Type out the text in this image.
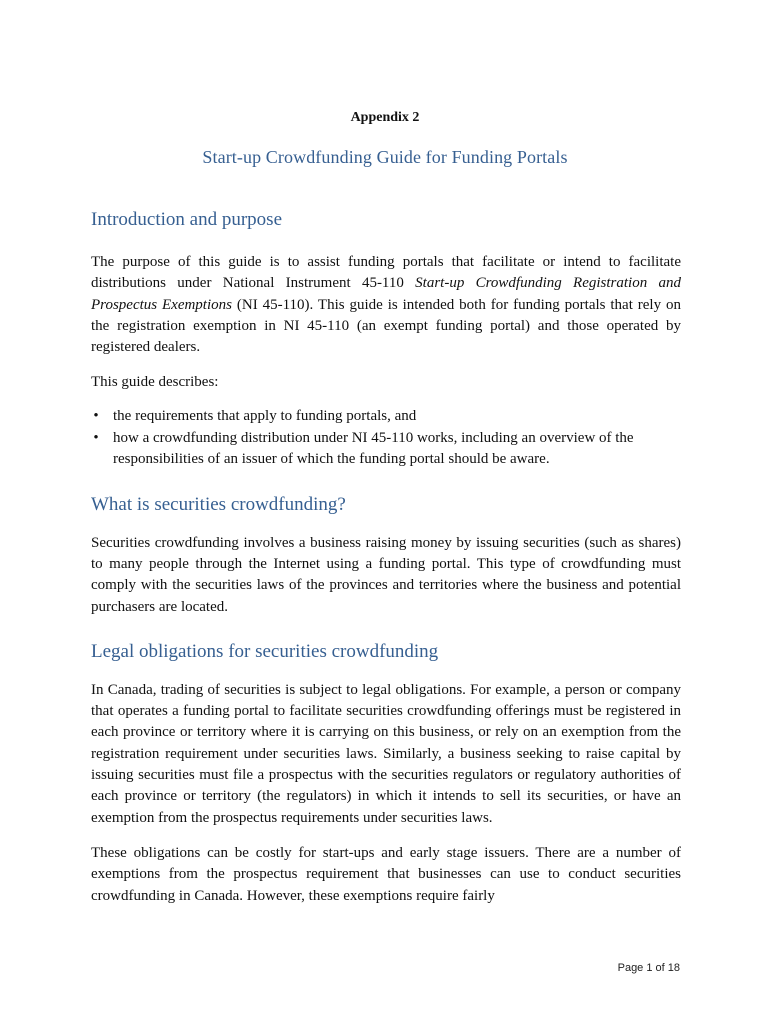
Appendix 2
Start-up Crowdfunding Guide for Funding Portals
Introduction and purpose

The purpose of this guide is to assist funding portals that facilitate or intend to facilitate distributions under National Instrument 45-110 Start-up Crowdfunding Registration and Prospectus Exemptions (NI 45-110). This guide is intended both for funding portals that rely on the registration exemption in NI 45-110 (an exempt funding portal) and those operated by registered dealers.

This guide describes:

• the requirements that apply to funding portals, and
• how a crowdfunding distribution under NI 45-110 works, including an overview of the responsibilities of an issuer of which the funding portal should be aware.
What is securities crowdfunding?

Securities crowdfunding involves a business raising money by issuing securities (such as shares) to many people through the Internet using a funding portal. This type of crowdfunding must comply with the securities laws of the provinces and territories where the business and potential purchasers are located.

Legal obligations for securities crowdfunding

In Canada, trading of securities is subject to legal obligations. For example, a person or company that operates a funding portal to facilitate securities crowdfunding offerings must be registered in each province or territory where it is carrying on this business, or rely on an exemption from the registration requirement under securities laws. Similarly, a business seeking to raise capital by issuing securities must file a prospectus with the securities regulators or regulatory authorities of each province or territory (the regulators) in which it intends to sell its securities, or have an exemption from the prospectus requirements under securities laws.

These obligations can be costly for start-ups and early stage issuers. There are a number of exemptions from the prospectus requirement that businesses can use to conduct securities crowdfunding in Canada. However, these exemptions require fairly

Page 1 of 18
